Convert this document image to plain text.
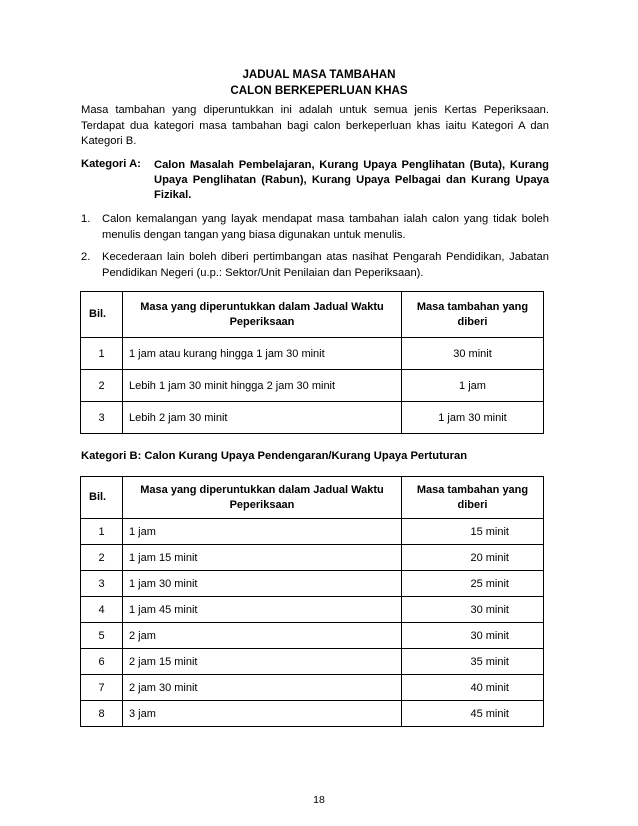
JADUAL MASA TAMBAHAN
CALON BERKEPERLUAN KHAS
Masa tambahan yang diperuntukkan ini adalah untuk semua jenis Kertas Peperiksaan. Terdapat dua kategori masa tambahan bagi calon berkeperluan khas iaitu Kategori A dan Kategori B.
Kategori A: Calon Masalah Pembelajaran, Kurang Upaya Penglihatan (Buta), Kurang Upaya Penglihatan (Rabun), Kurang Upaya Pelbagai dan Kurang Upaya Fizikal.
1. Calon kemalangan yang layak mendapat masa tambahan ialah calon yang tidak boleh menulis dengan tangan yang biasa digunakan untuk menulis.
2. Kecederaan lain boleh diberi pertimbangan atas nasihat Pengarah Pendidikan, Jabatan Pendidikan Negeri (u.p.: Sektor/Unit Penilaian dan Peperiksaan).
Bil.	Masa yang diperuntukkan dalam Jadual Waktu Peperiksaan	Masa tambahan yang diberi
1	1 jam atau kurang hingga 1 jam 30 minit	30 minit
2	Lebih 1 jam 30 minit hingga 2 jam 30 minit	1 jam
3	Lebih 2 jam 30 minit	1 jam 30 minit
Kategori B: Calon Kurang Upaya Pendengaran/Kurang Upaya Pertuturan
Bil.	Masa yang diperuntukkan dalam Jadual Waktu Peperiksaan	Masa tambahan yang diberi
1	1 jam	15 minit
2	1 jam 15 minit	20 minit
3	1 jam 30 minit	25 minit
4	1 jam 45 minit	30 minit
5	2 jam	30 minit
6	2 jam 15 minit	35 minit
7	2 jam 30 minit	40 minit
8	3 jam	45 minit
18
